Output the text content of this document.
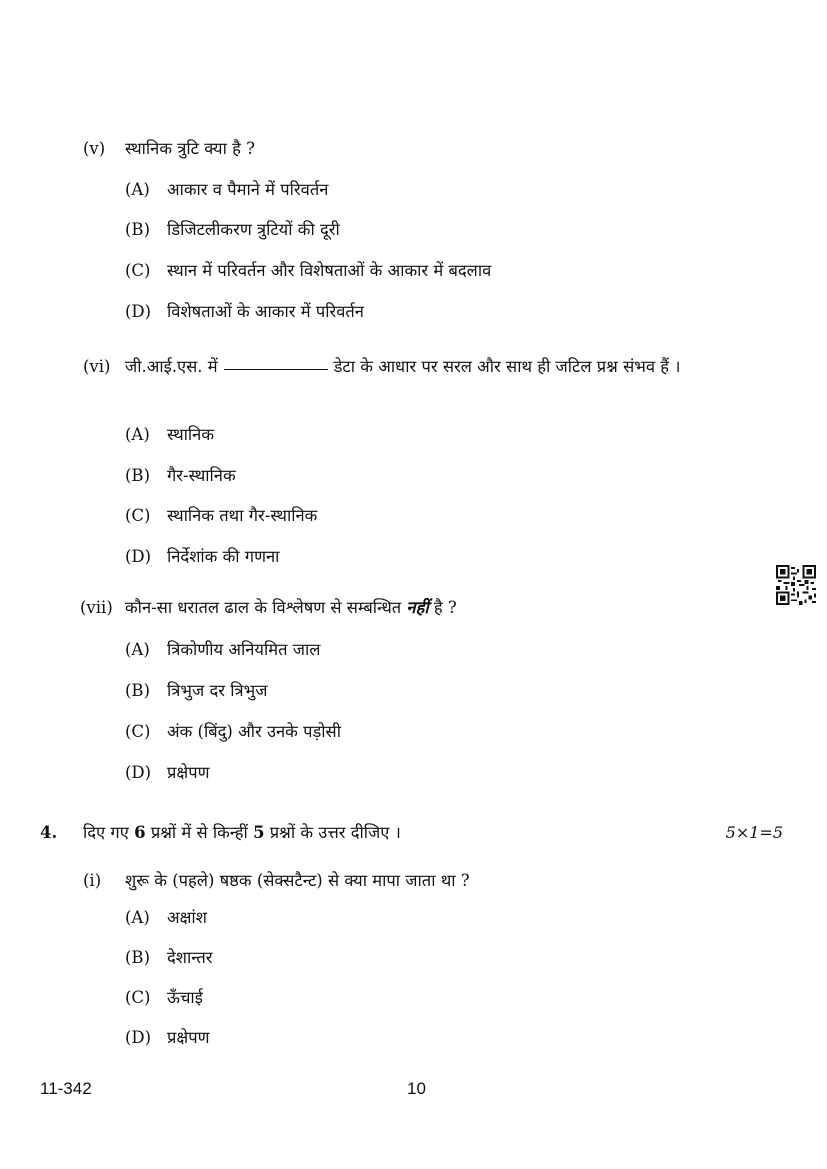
(v) स्थानिक त्रुटि क्या है ?
(A) आकार व पैमाने में परिवर्तन
(B) डिजिटलीकरण त्रुटियों की दूरी
(C) स्थान में परिवर्तन और विशेषताओं के आकार में बदलाव
(D) विशेषताओं के आकार में परिवर्तन
(vi) जी.आई.एस. में	डेटा के आधार पर सरल और साथ ही जटिल प्रश्न संभव हैं ।
(A) स्थानिक
(B) गैर-स्थानिक
(C) स्थानिक तथा गैर-स्थानिक
(D) निर्देशांक की गणना
(vii) कौन-सा धरातल ढाल के विश्लेषण से सम्बन्धित नहीं है ?
(A) त्रिकोणीय अनियमित जाल
(B) त्रिभुज दर त्रिभुज
(C) अंक (बिंदु) और उनके पड़ोसी
(D) प्रक्षेपण
4. दिए गए 6 प्रश्नों में से किन्हीं 5 प्रश्नों के उत्तर दीजिए ।	5×1=5
(i) शुरू के (पहले) षष्ठक (सेक्सटैन्ट) से क्या मापा जाता था ?
(A) अक्षांश
(B) देशान्तर
(C) ऊँचाई
(D) प्रक्षेपण
11-342	10
